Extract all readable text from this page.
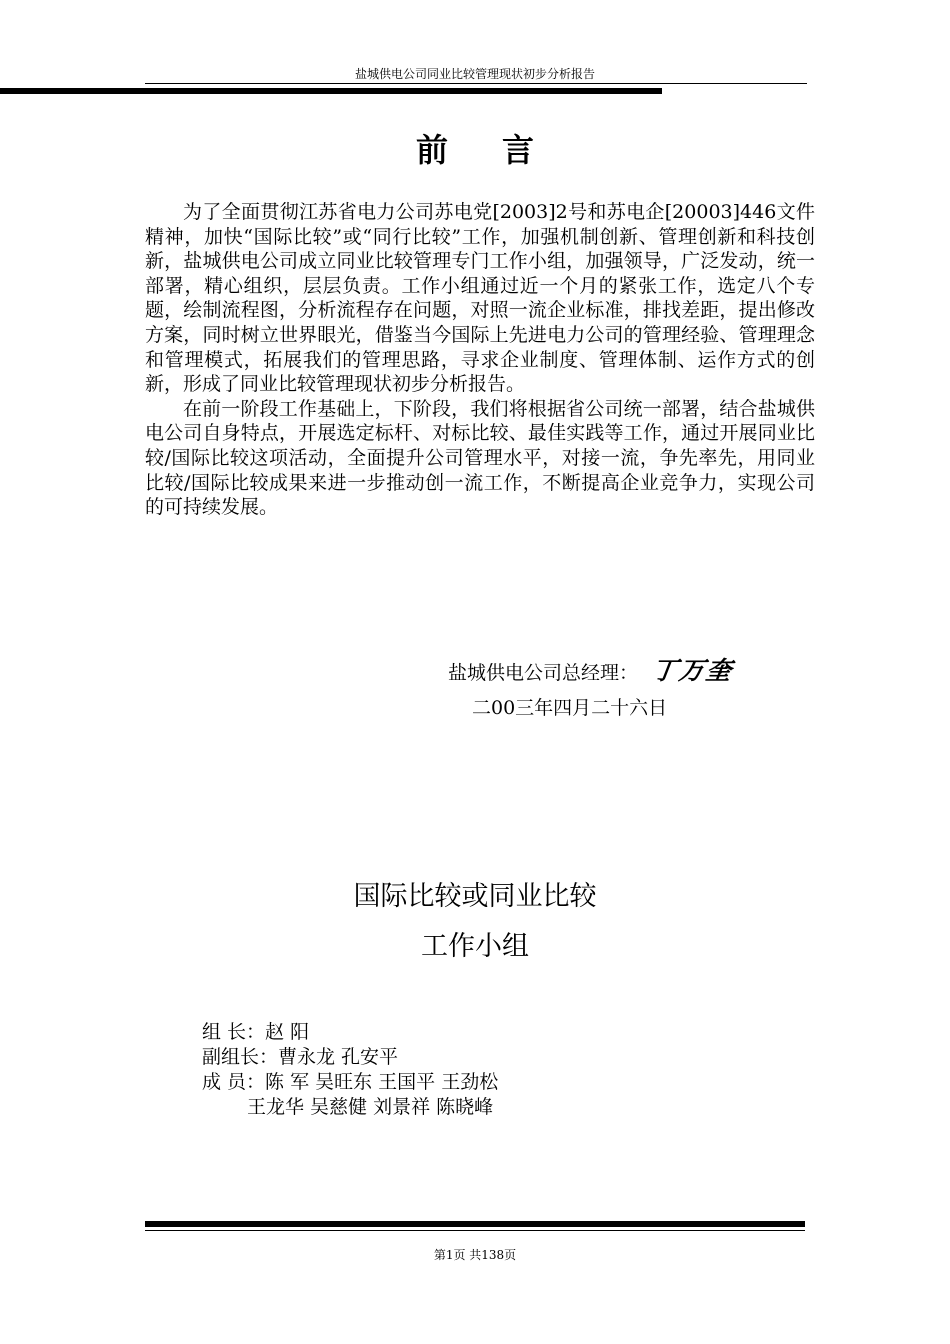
盐城供电公司同业比较管理现状初步分析报告
前言

为了全面贯彻江苏省电力公司苏电党[2003]2号和苏电企[20003]446文件精神，加快“国际比较”或“同行比较”工作，加强机制创新、管理创新和科技创新，盐城供电公司成立同业比较管理专门工作小组，加强领导，广泛发动，统一部署，精心组织，层层负责。工作小组通过近一个月的紧张工作，选定八个专题，绘制流程图，分析流程存在问题，对照一流企业标准，排找差距，提出修改方案，同时树立世界眼光，借鉴当今国际上先进电力公司的管理经验、管理理念和管理模式，拓展我们的管理思路，寻求企业制度、管理体制、运作方式的创新，形成了同业比较管理现状初步分析报告。

在前一阶段工作基础上，下阶段，我们将根据省公司统一部署，结合盐城供电公司自身特点，开展选定标杆、对标比较、最佳实践等工作，通过开展同业比较/国际比较这项活动，全面提升公司管理水平，对接一流，争先率先，用同业比较/国际比较成果来进一步推动创一流工作，不断提高企业竞争力，实现公司的可持续发展。

盐城供电公司总经理： 丁万奎
二00三年四月二十六日
国际比较或同业比较
工作小组
组 长：赵 阳
副组长：曹永龙 孔安平
成 员：陈 军 吴旺东 王国平 王劲松
王龙华 吴慈健 刘景祥 陈晓峰
第1页 共138页
